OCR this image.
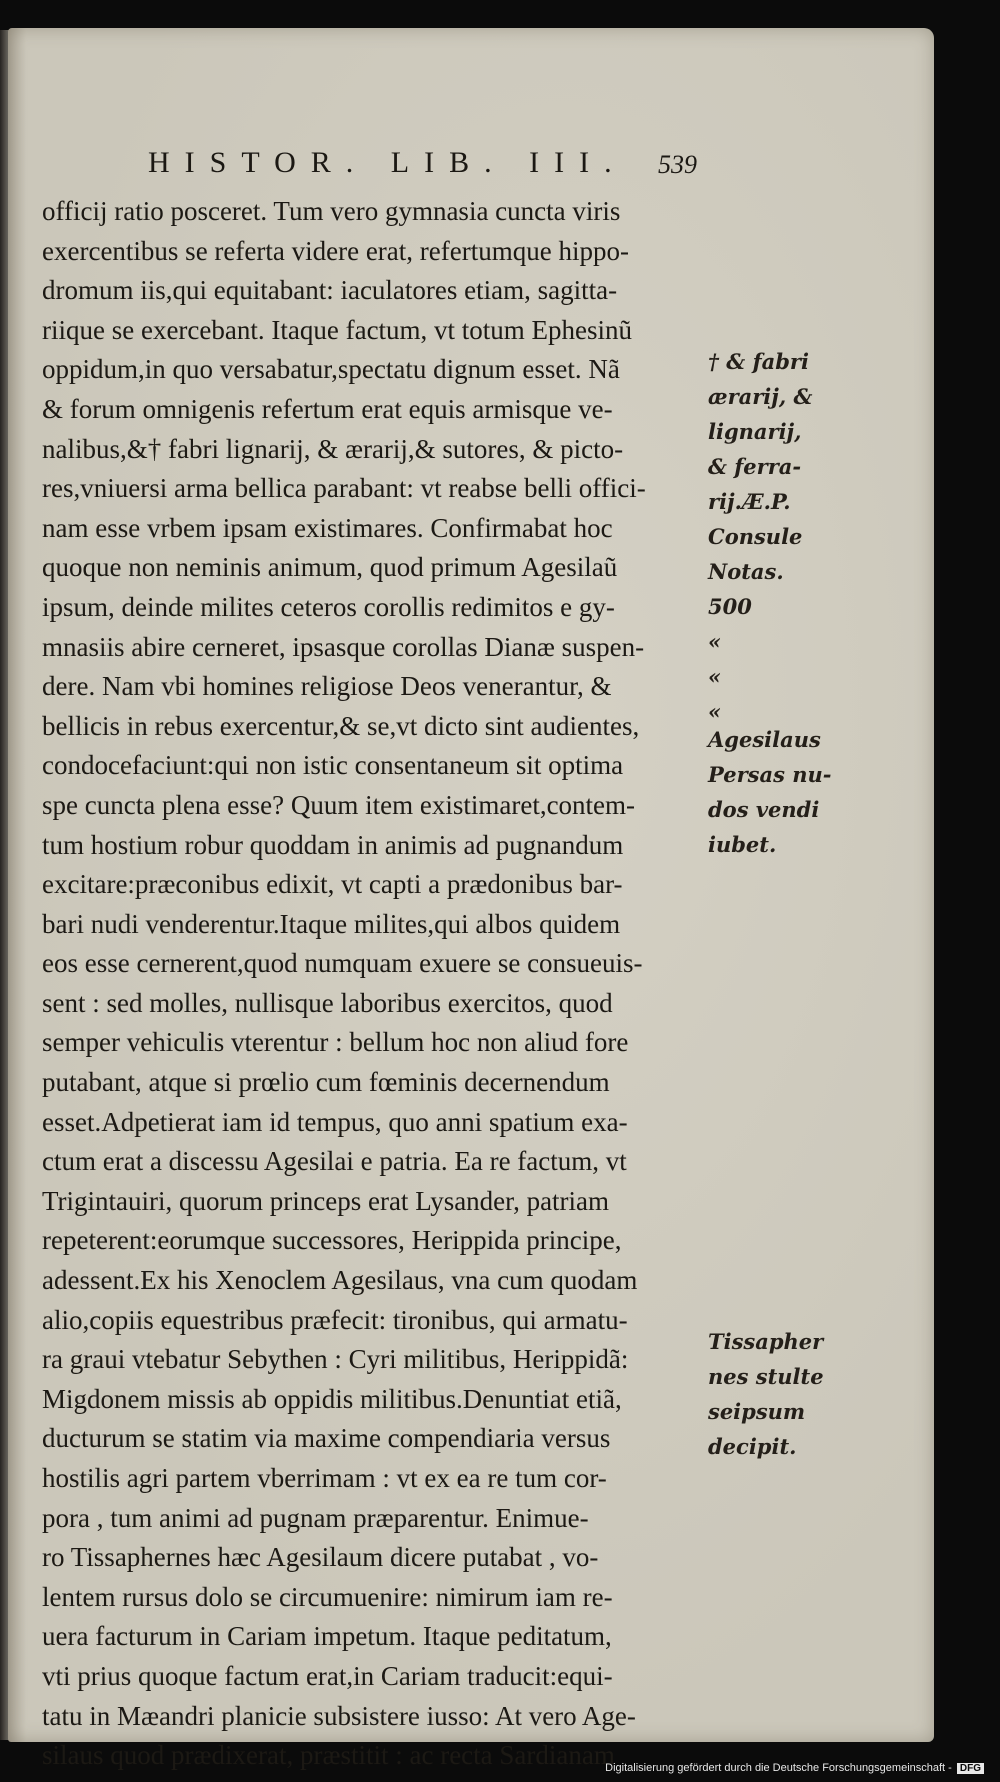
HISTOR. LIB. III.	539
officij ratio posceret. Tum vero gymnasia cuncta viris
exercentibus se referta videre erat, refertumque hippo-
dromum iis,qui equitabant: iaculatores etiam, sagitta-
riique se exercebant. Itaque factum, vt totum Ephesinũ
oppidum,in quo versabatur,spectatu dignum esset. Nã
& forum omnigenis refertum erat equis armisque ve-
nalibus,&† fabri lignarij, & ærarij,& sutores, & picto-
res,vniuersi arma bellica parabant: vt reabse belli offici-
nam esse vrbem ipsam existimares. Confirmabat hoc
quoque non neminis animum, quod primum Agesilaũ
ipsum, deinde milites ceteros corollis redimitos e gy-
mnasiis abire cerneret, ipsasque corollas Dianæ suspen-
dere. Nam vbi homines religiose Deos venerantur, &
bellicis in rebus exercentur,& se,vt dicto sint audientes,
condocefaciunt:qui non istic consentaneum sit optima
spe cuncta plena esse? Quum item existimaret,contem-
tum hostium robur quoddam in animis ad pugnandum
excitare:præconibus edixit, vt capti a prædonibus bar-
bari nudi venderentur.Itaque milites,qui albos quidem
eos esse cernerent,quod numquam exuere se consueuis-
sent : sed molles, nullisque laboribus exercitos, quod
semper vehiculis vterentur : bellum hoc non aliud fore
putabant, atque si prœlio cum fœminis decernendum
esset.Adpetierat iam id tempus, quo anni spatium exa-
ctum erat a discessu Agesilai e patria. Ea re factum, vt
Trigintauiri, quorum princeps erat Lysander, patriam
repeterent:eorumque successores, Herippida principe,
adessent.Ex his Xenoclem Agesilaus, vna cum quodam
alio,copiis equestribus præfecit: tironibus, qui armatu-
ra graui vtebatur Sebythen : Cyri militibus, Herippidã:
Migdonem missis ab oppidis militibus.Denuntiat etiã,
ducturum se statim via maxime compendiaria versus
hostilis agri partem vberrimam : vt ex ea re tum cor-
pora , tum animi ad pugnam præparentur. Enimue-
ro Tissaphernes hæc Agesilaum dicere putabat , vo-
lentem rursus dolo se circumuenire: nimirum iam re-
uera facturum in Cariam impetum. Itaque peditatum,
vti prius quoque factum erat,in Cariam traducit:equi-
tatu in Mæandri planicie subsistere iusso: At vero Age-
silaus quod prædixerat, præstitit : ac recta Sardianam
† & fabri
ærarij, &
lignarij,
& ferra-
rij.Æ.P.
Consule
Notas.
500
«
«
«
Agesilaus
Persas nu-
dos vendi
iubet.
Tissapher
nes stulte
seipsum
decipit.
Digitalisierung gefördert durch die Deutsche Forschungsgemeinschaft - DFG
